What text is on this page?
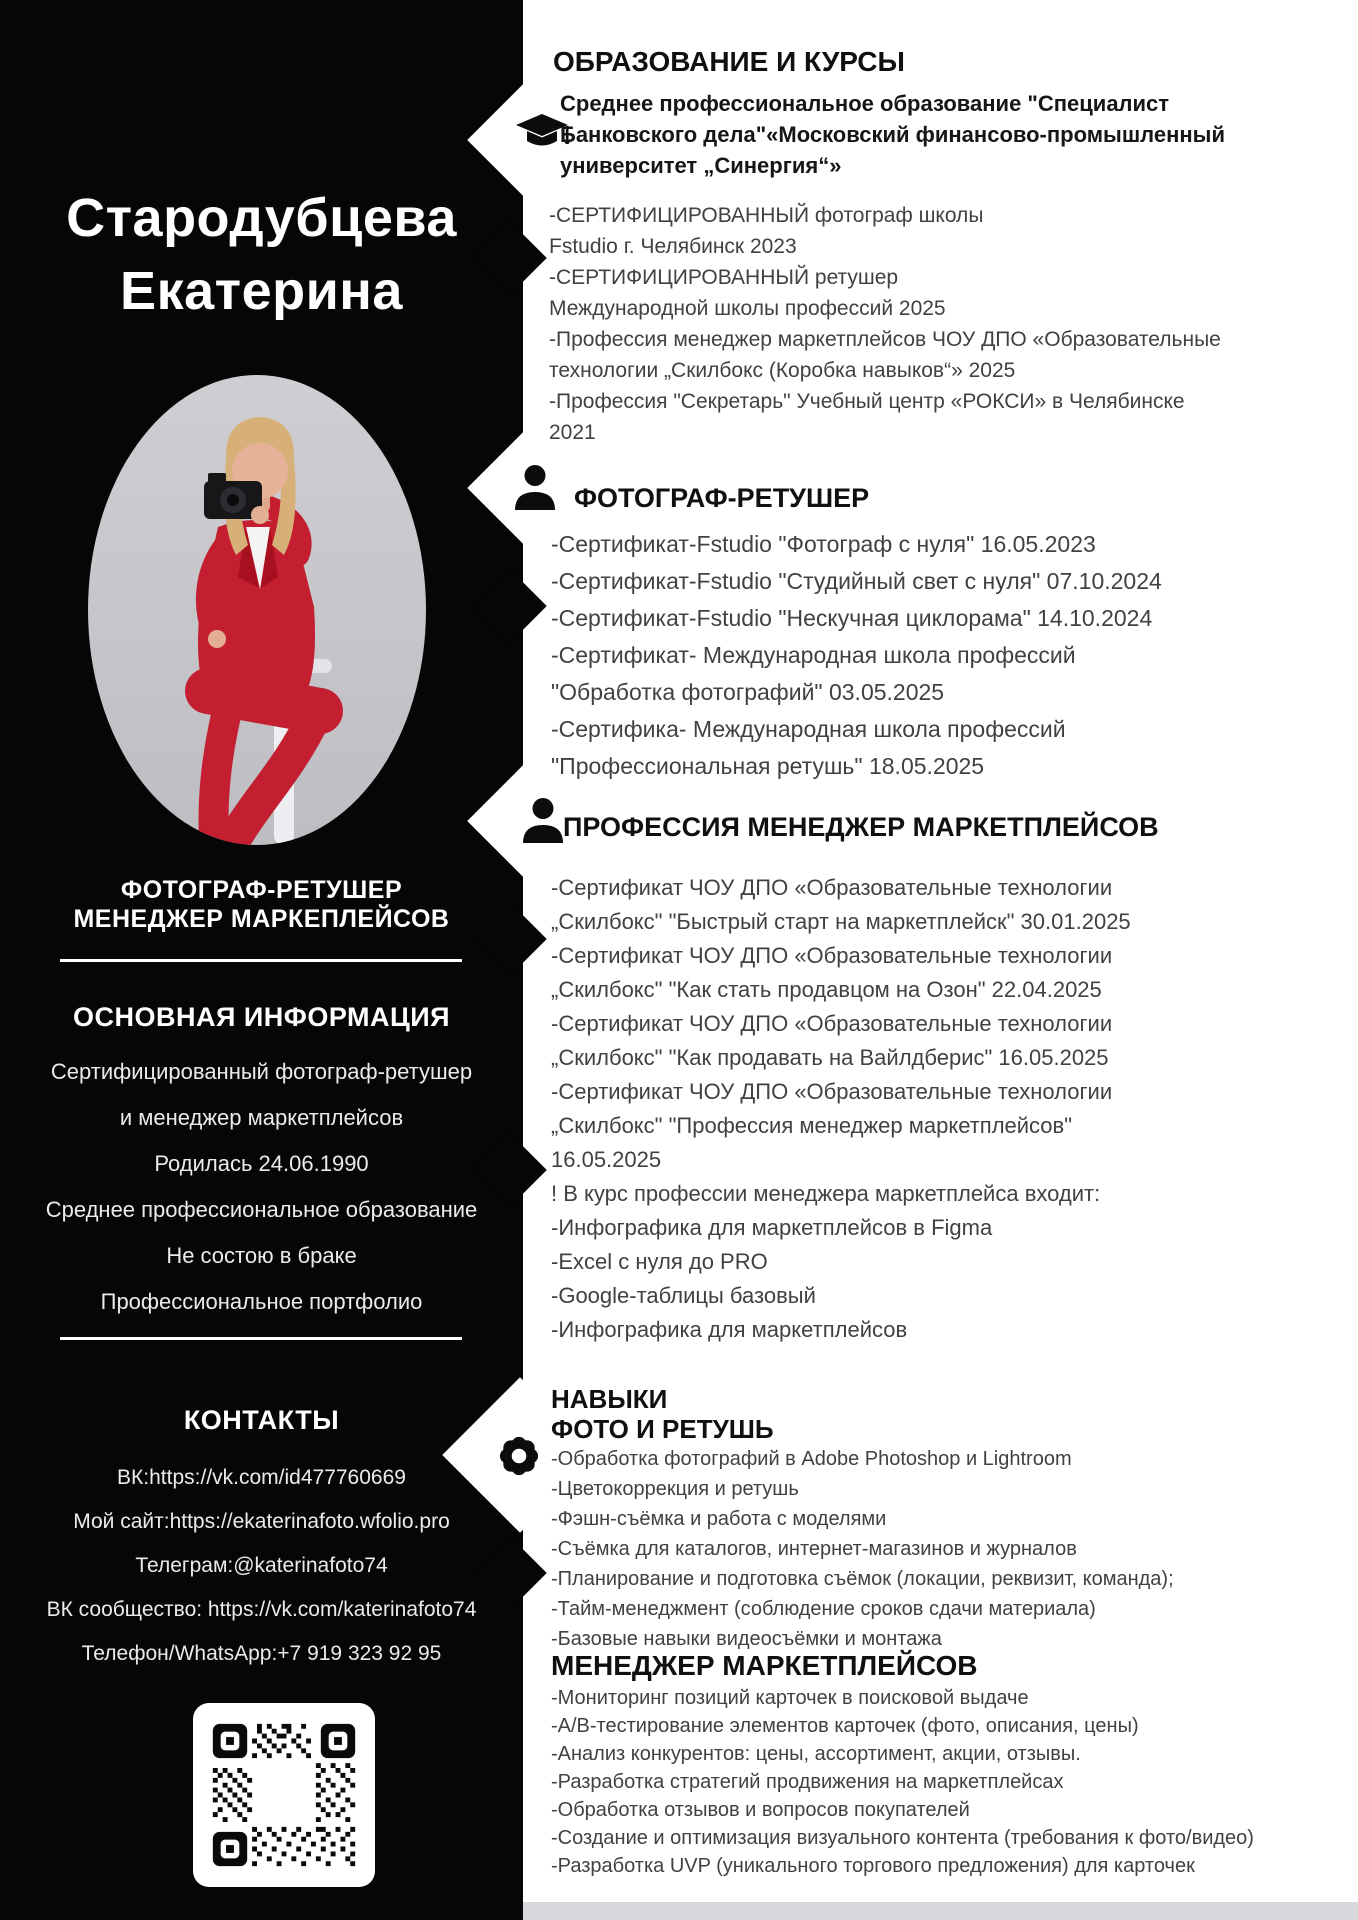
Стародубцева
Екатерина
ФОТОГРАФ-РЕТУШЕР
МЕНЕДЖЕР МАРКЕПЛЕЙСОВ
ОСНОВНАЯ ИНФОРМАЦИЯ
Сертифицированный фотограф-ретушер
и менеджер маркетплейсов
Родилась 24.06.1990
Среднее профессиональное образование
Не состою в браке
Профессиональное портфолио
КОНТАКТЫ
ВК:https://vk.com/id477760669
Мой сайт:https://ekaterinafoto.wfolio.pro
Телеграм:@katerinafoto74
ВК сообщество: https://vk.com/katerinafoto74
Телефон/WhatsApp:+7 919 323 92 95
ОБРАЗОВАНИЕ И КУРСЫ
Среднее профессиональное образование "Специалист
Банковского дела"«Московский финансово-промышленный
университет „Синергия“»
-СЕРТИФИЦИРОВАННЫЙ фотограф школы
Fstudio г. Челябинск 2023
-СЕРТИФИЦИРОВАННЫЙ ретушер
Международной школы профессий 2025
-Профессия менеджер маркетплейсов ЧОУ ДПО «Образовательные
технологии „Скилбокс (Коробка навыков“» 2025
-Профессия "Секретарь" Учебный центр «РОКСИ» в Челябинске
2021
ФОТОГРАФ-РЕТУШЕР
-Сертификат-Fstudio "Фотограф с нуля" 16.05.2023
-Сертификат-Fstudio "Студийный свет с нуля" 07.10.2024
-Сертификат-Fstudio "Нескучная циклорама" 14.10.2024
-Сертификат- Международная школа профессий
"Обработка фотографий" 03.05.2025
-Сертифика- Международная школа профессий
"Профессиональная ретушь" 18.05.2025
ПРОФЕССИЯ МЕНЕДЖЕР МАРКЕТПЛЕЙСОВ
-Сертификат ЧОУ ДПО «Образовательные технологии
„Скилбокс" "Быстрый старт на маркетплейск" 30.01.2025
-Сертификат ЧОУ ДПО «Образовательные технологии
„Скилбокс" "Как стать продавцом на Озон" 22.04.2025
-Сертификат ЧОУ ДПО «Образовательные технологии
„Скилбокс" "Как продавать на Вайлдберис" 16.05.2025
-Сертификат ЧОУ ДПО «Образовательные технологии
„Скилбокс" "Профессия менеджер маркетплейсов"
16.05.2025
! В курс профессии менеджера маркетплейса входит:
-Инфографика для маркетплейсов в Figma
-Excel с нуля до PRO
-Google-таблицы базовый
-Инфографика для маркетплейсов
НАВЫКИ
ФОТО И РЕТУШЬ
-Обработка фотографий в Adobe Photoshop и Lightroom
-Цветокоррекция и ретушь
-Фэшн-съёмка и работа с моделями
-Съёмка для каталогов, интернет-магазинов и журналов
-Планирование и подготовка съёмок (локации, реквизит, команда);
-Тайм-менеджмент (соблюдение сроков сдачи материала)
-Базовые навыки видеосъёмки и монтажа
МЕНЕДЖЕР МАРКЕТПЛЕЙСОВ
-Мониторинг позиций карточек в поисковой выдаче
-А/В-тестирование элементов карточек (фото, описания, цены)
-Анализ конкурентов: цены, ассортимент, акции, отзывы.
-Разработка стратегий продвижения на маркетплейсах
-Обработка отзывов и вопросов покупателей
-Создание и оптимизация визуального контента (требования к фото/видео)
-Разработка UVP (уникального торгового предложения) для карточек
